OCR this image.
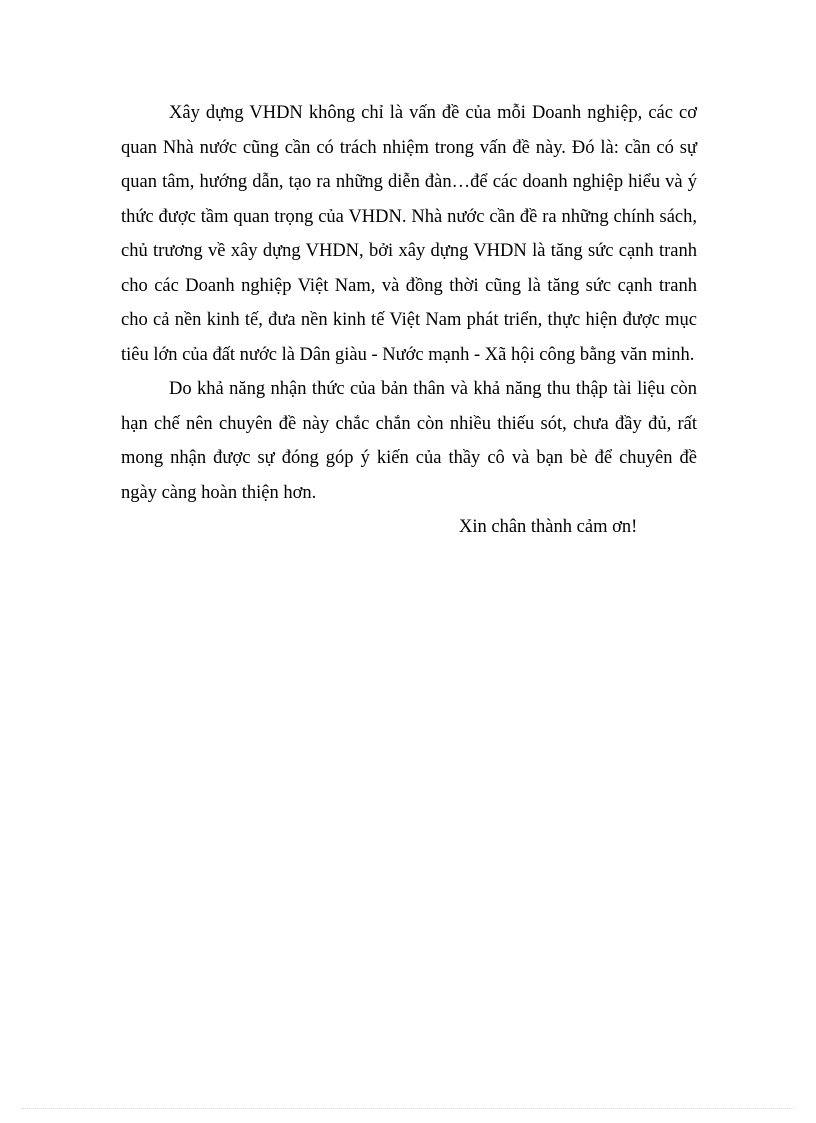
Xây dựng VHDN không chỉ là vấn đề của mỗi Doanh nghiệp, các cơ quan Nhà nước cũng cần có trách nhiệm trong vấn đề này. Đó là: cần có sự quan tâm, hướng dẫn, tạo ra những diễn đàn…để các doanh nghiệp hiểu và ý thức được tầm quan trọng của VHDN. Nhà nước cần đề ra những chính sách, chủ trương về xây dựng VHDN, bởi xây dựng VHDN là tăng sức cạnh tranh cho các Doanh nghiệp Việt Nam, và đồng thời cũng là tăng sức cạnh tranh cho cả nền kinh tế, đưa nền kinh tế Việt Nam phát triển, thực hiện được mục tiêu lớn của đất nước là Dân giàu - Nước mạnh - Xã hội công bằng văn minh.

Do khả năng nhận thức của bản thân và khả năng thu thập tài liệu còn hạn chế nên chuyên đề này chắc chắn còn nhiều thiếu sót, chưa đầy đủ, rất mong nhận được sự đóng góp ý kiến của thầy cô và bạn bè để chuyên đề ngày càng hoàn thiện hơn.

Xin chân thành cảm ơn!
